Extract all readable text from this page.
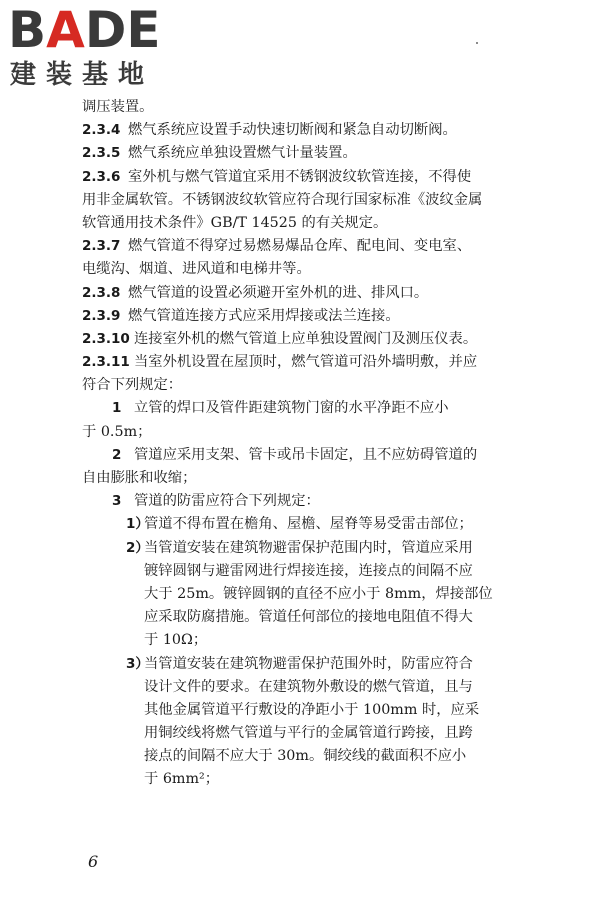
BADE
建装基地
调压装置。
2.3.4 燃气系统应设置手动快速切断阀和紧急自动切断阀。
2.3.5 燃气系统应单独设置燃气计量装置。
2.3.6 室外机与燃气管道宜采用不锈钢波纹软管连接，不得使
用非金属软管。不锈钢波纹软管应符合现行国家标准《波纹金属
软管通用技术条件》GB/T 14525 的有关规定。
2.3.7 燃气管道不得穿过易燃易爆品仓库、配电间、变电室、
电缆沟、烟道、进风道和电梯井等。
2.3.8 燃气管道的设置必须避开室外机的进、排风口。
2.3.9 燃气管道连接方式应采用焊接或法兰连接。
2.3.10 连接室外机的燃气管道上应单独设置阀门及测压仪表。
2.3.11 当室外机设置在屋顶时，燃气管道可沿外墙明敷，并应
符合下列规定：
1 立管的焊口及管件距建筑物门窗的水平净距不应小
于 0.5m；
2 管道应采用支架、管卡或吊卡固定，且不应妨碍管道的
自由膨胀和收缩；
3 管道的防雷应符合下列规定：
1）管道不得布置在檐角、屋檐、屋脊等易受雷击部位；
2）当管道安装在建筑物避雷保护范围内时，管道应采用
镀锌圆钢与避雷网进行焊接连接，连接点的间隔不应
大于 25m。镀锌圆钢的直径不应小于 8mm，焊接部位
应采取防腐措施。管道任何部位的接地电阻值不得大
于 10Ω；
3）当管道安装在建筑物避雷保护范围外时，防雷应符合
设计文件的要求。在建筑物外敷设的燃气管道，且与
其他金属管道平行敷设的净距小于 100mm 时，应采
用铜绞线将燃气管道与平行的金属管道行跨接，且跨
接点的间隔不应大于 30m。铜绞线的截面积不应小
于 6mm²；
6
